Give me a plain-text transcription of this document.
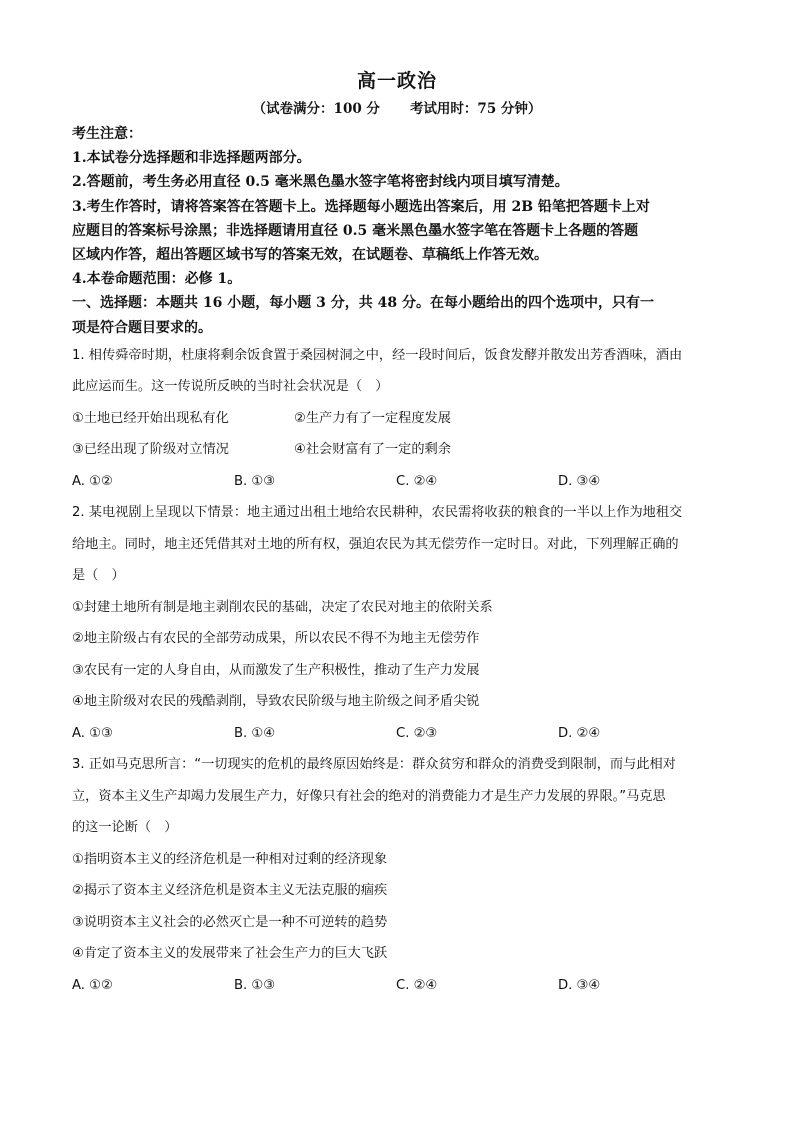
高一政治
（试卷满分：100 分 考试用时：75 分钟）
考生注意：
1.本试卷分选择题和非选择题两部分。
2.答题前，考生务必用直径 0.5 毫米黑色墨水签字笔将密封线内项目填写清楚。
3.考生作答时，请将答案答在答题卡上。选择题每小题选出答案后，用 2B 铅笔把答题卡上对
应题目的答案标号涂黑；非选择题请用直径 0.5 毫米黑色墨水签字笔在答题卡上各题的答题
区域内作答，超出答题区域书写的答案无效，在试题卷、草稿纸上作答无效。
4.本卷命题范围：必修 1。
一、选择题：本题共 16 小题，每小题 3 分，共 48 分。在每小题给出的四个选项中，只有一
项是符合题目要求的。
1. 相传舜帝时期，杜康将剩余饭食置于桑园树洞之中，经一段时间后，饭食发酵并散发出芳香酒味，酒由
此应运而生。这一传说所反映的当时社会状况是（　）
①土地已经开始出现私有化	②生产力有了一定程度发展
③已经出现了阶级对立情况	④社会财富有了一定的剩余
A. ①②	B. ①③	C. ②④	D. ③④
2. 某电视剧上呈现以下情景：地主通过出租土地给农民耕种，农民需将收获的粮食的一半以上作为地租交
给地主。同时，地主还凭借其对土地的所有权，强迫农民为其无偿劳作一定时日。对此，下列理解正确的
是（　）
①封建土地所有制是地主剥削农民的基础，决定了农民对地主的依附关系
②地主阶级占有农民的全部劳动成果，所以农民不得不为地主无偿劳作
③农民有一定的人身自由，从而激发了生产积极性，推动了生产力发展
④地主阶级对农民的残酷剥削，导致农民阶级与地主阶级之间矛盾尖锐
A. ①③	B. ①④	C. ②③	D. ②④
3. 正如马克思所言：“一切现实的危机的最终原因始终是：群众贫穷和群众的消费受到限制，而与此相对
立，资本主义生产却竭力发展生产力，好像只有社会的绝对的消费能力才是生产力发展的界限。”马克思
的这一论断（　）
①指明资本主义的经济危机是一种相对过剩的经济现象
②揭示了资本主义经济危机是资本主义无法克服的痼疾
③说明资本主义社会的必然灭亡是一种不可逆转的趋势
④肯定了资本主义的发展带来了社会生产力的巨大飞跃
A. ①②	B. ①③	C. ②④	D. ③④
